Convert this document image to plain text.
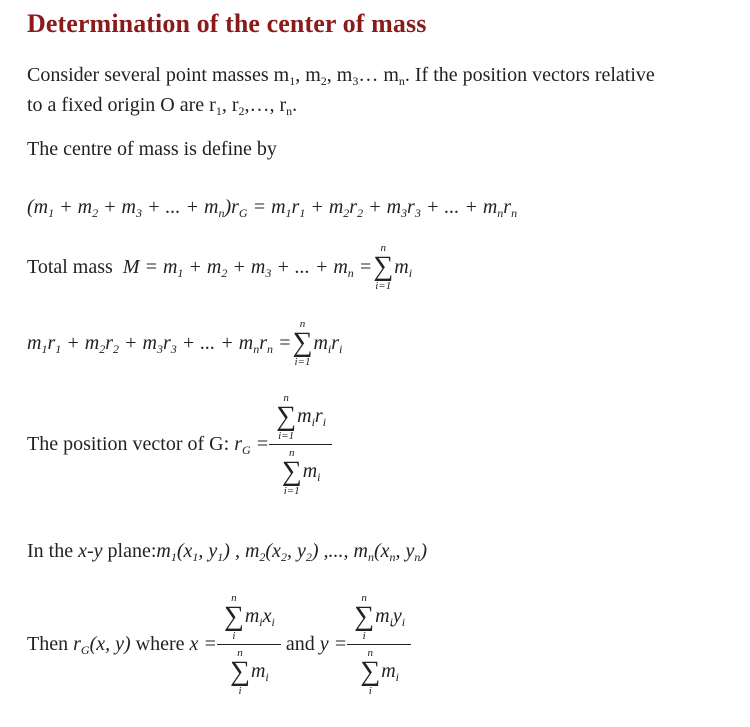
Determination of the center of mass

Consider several point masses $m_1$, $m_2$, $m_3\dots$ $m_n$. If the position vectors relative
to a fixed origin O are $r_1$, $r_2,\dots$, $r_n$.

The centre of mass is define by

($m_1 + m_2 + m_3$ + ... + $m_n)r_G = m_1r_1 + m_2r_2 + m_3r_3$ + ... + $m_nr_n$
Total mass
$M = m_1 + m_2 + m_3$ + ... + $m_n$ =
n
∑
i=1
$m_i$
$m_1r_1 + m_2r_2 + m_3r_3$ + ... + $m_nr_n$ =
n
∑
i=1
$m_ir_i$
The position vector of G:
$r_G = n$
∑
i=1
$m_ir_i$
n
∑
i=1
$m_i$
In the x-y $plane:m_1(x_1$, $y_1$) , $m_2(x_2$, $y_2$) ,..., $m_n(x_n$, $y_n$)
Then
$r_G(x$, y)
where
x = n
∑
i
$m_ix_i$
n
∑
i
$m_i$
and
y = n
∑
i
$m_iy_i$
n
∑
i
$m_i$
